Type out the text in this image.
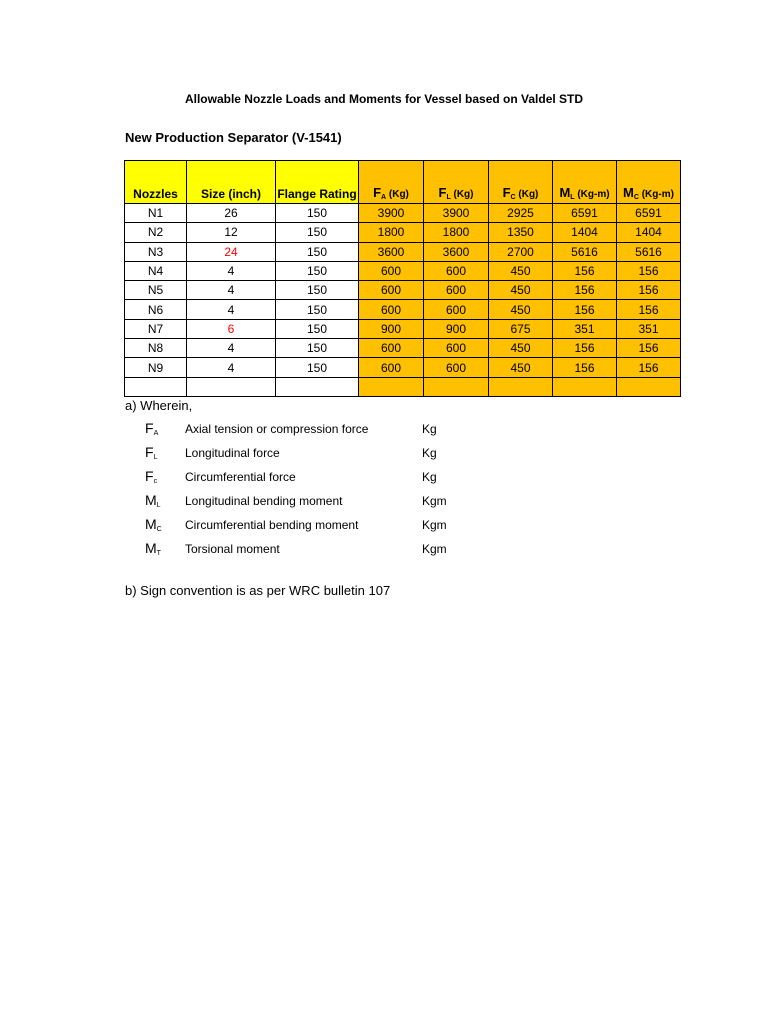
Allowable Nozzle Loads and Moments for Vessel based on Valdel STD
New Production Separator (V-1541)
Nozzles	Size (inch)	Flange Rating	$F_A$ (Kg)	$F_L$ (Kg)	$F_C$ (Kg)	$M_L$ (Kg-m)	$M_C$ (Kg-m)
N1	26	150	3900	3900	2925	6591	6591
N2	12	150	1800	1800	1350	1404	1404
N3	24	150	3600	3600	2700	5616	5616
N4	4	150	600	600	450	156	156
N5	4	150	600	600	450	156	156
N6	4	150	600	600	450	156	156
N7	6	150	900	900	675	351	351
N8	4	150	600	600	450	156	156
N9	4	150	600	600	450	156	156

a) Wherein,
$F_A$ Axial tension or compression force	Kg
$F_L$ Longitudinal force	Kg
$F_c$ Circumferential force	Kg
$M_L$ Longitudinal bending moment	Kgm
$M_C$ Circumferential bending moment	Kgm
$M_T$ Torsional moment	Kgm
b) Sign convention is as per WRC bulletin 107
